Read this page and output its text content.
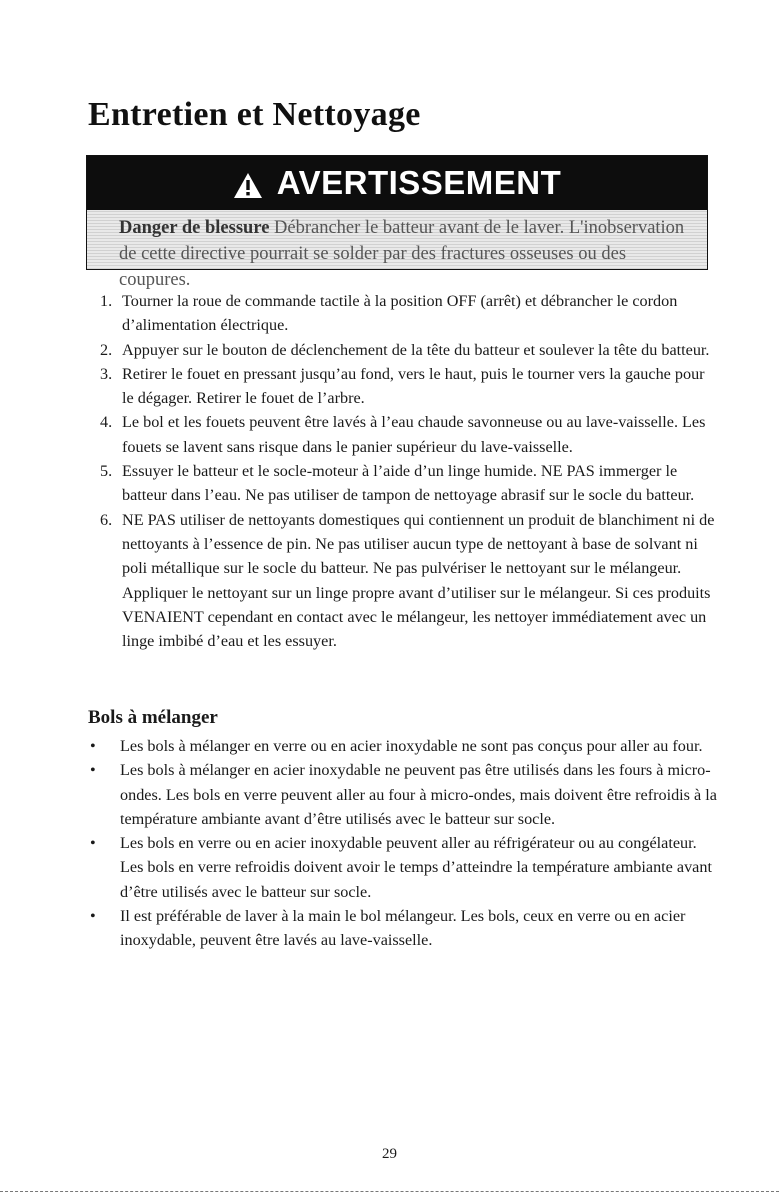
Entretien et Nettoyage
AVERTISSEMENT
Danger de blessure Débrancher le batteur avant de le laver. L'inobservation de cette directive pourrait se solder par des fractures osseuses ou des coupures.
1. Tourner la roue de commande tactile à la position OFF (arrêt) et débrancher le cordon d’alimentation électrique.
2. Appuyer sur le bouton de déclenchement de la tête du batteur et soulever la tête du batteur.
3. Retirer le fouet en pressant jusqu’au fond, vers le haut, puis le tourner vers la gauche pour le dégager. Retirer le fouet de l’arbre.
4. Le bol et les fouets peuvent être lavés à l’eau chaude savonneuse ou au lave-vaisselle. Les fouets se lavent sans risque dans le panier supérieur du lave-vaisselle.
5. Essuyer le batteur et le socle-moteur à l’aide d’un linge humide. NE PAS immerger le batteur dans l’eau. Ne pas utiliser de tampon de nettoyage abrasif sur le socle du batteur.
6. NE PAS utiliser de nettoyants domestiques qui contiennent un produit de blanchiment ni de nettoyants à l’essence de pin. Ne pas utiliser aucun type de nettoyant à base de solvant ni poli métallique sur le socle du batteur. Ne pas pulvériser le nettoyant sur le mélangeur. Appliquer le nettoyant sur un linge propre avant d’utiliser sur le mélangeur. Si ces produits VENAIENT cependant en contact avec le mélangeur, les nettoyer immédiatement avec un linge imbibé d’eau et les essuyer.
Bols à mélanger
• Les bols à mélanger en verre ou en acier inoxydable ne sont pas conçus pour aller au four.
• Les bols à mélanger en acier inoxydable ne peuvent pas être utilisés dans les fours à micro-ondes. Les bols en verre peuvent aller au four à micro-ondes, mais doivent être refroidis à la température ambiante avant d’être utilisés avec le batteur sur socle.
• Les bols en verre ou en acier inoxydable peuvent aller au réfrigérateur ou au congélateur. Les bols en verre refroidis doivent avoir le temps d’atteindre la température ambiante avant d’être utilisés avec le batteur sur socle.
• Il est préférable de laver à la main le bol mélangeur. Les bols, ceux en verre ou en acier inoxydable, peuvent être lavés au lave-vaisselle.
29
